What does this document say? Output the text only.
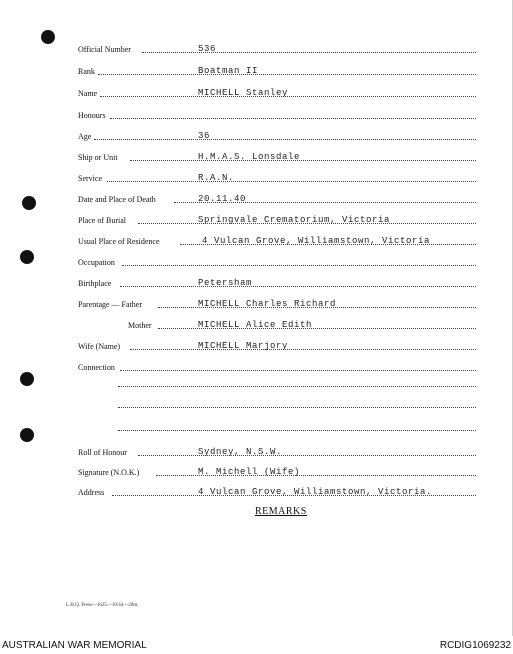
Official Number	536
Rank	Boatman II
Name	MICHELL Stanley
Honours
Age	36
Ship or Unit	H.M.A.S. Lonsdale
Service	R.A.N.
Date and Place of Death	20.11.40
Place of Burial	Springvale Crematorium, Victoria
Usual Place of Residence	4 Vulcan Grove, Williamstown, Victoria
Occupation
Birthplace	Petersham
Parentage — Father	MICHELL Charles Richard
Mother	MICHELL Alice Edith
Wife (Name)	MICHELL Marjory
Connection
Roll of Honour	Sydney, N.S.W.
Signature (N.O.K.)	M. Michell (Wife)
Address	4 Vulcan Grove, Williamstown, Victoria.
REMARKS
L.H.Q. Press—1625—10/44—20m.
AUSTRALIAN WAR MEMORIAL	RCDIG1069232
